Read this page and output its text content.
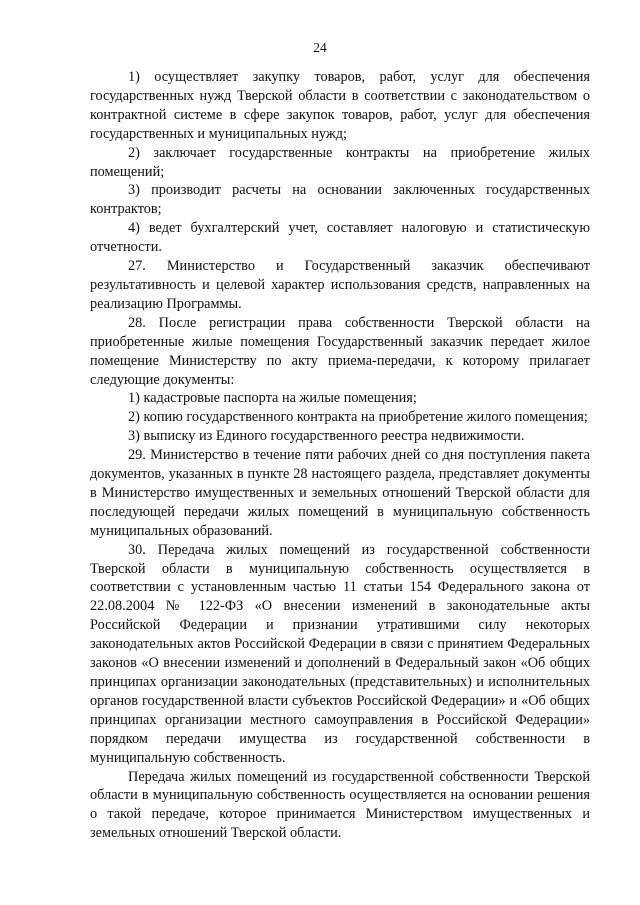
24

1) осуществляет закупку товаров, работ, услуг для обеспечения государственных нужд Тверской области в соответствии с законодательством о контрактной системе в сфере закупок товаров, работ, услуг для обеспечения государственных и муниципальных нужд;

2) заключает государственные контракты на приобретение жилых помещений;

3) производит расчеты на основании заключенных государственных контрактов;

4) ведет бухгалтерский учет, составляет налоговую и статистическую отчетности.

27. Министерство и Государственный заказчик обеспечивают результативность и целевой характер использования средств, направленных на реализацию Программы.

28. После регистрации права собственности Тверской области на приобретенные жилые помещения Государственный заказчик передает жилое помещение Министерству по акту приема-передачи, к которому прилагает следующие документы:

1) кадастровые паспорта на жилые помещения;

2) копию государственного контракта на приобретение жилого помещения;

3) выписку из Единого государственного реестра недвижимости.

29. Министерство в течение пяти рабочих дней со дня поступления пакета документов, указанных в пункте 28 настоящего раздела, представляет документы в Министерство имущественных и земельных отношений Тверской области для последующей передачи жилых помещений в муниципальную собственность муниципальных образований.

30. Передача жилых помещений из государственной собственности Тверской области в муниципальную собственность осуществляется в соответствии с установленным частью 11 статьи 154 Федерального закона от 22.08.2004 № 122-ФЗ «О внесении изменений в законодательные акты Российской Федерации и признании утратившими силу некоторых законодательных актов Российской Федерации в связи с принятием Федеральных законов «О внесении изменений и дополнений в Федеральный закон «Об общих принципах организации законодательных (представительных) и исполнительных органов государственной власти субъектов Российской Федерации» и «Об общих принципах организации местного самоуправления в Российской Федерации» порядком передачи имущества из государственной собственности в муниципальную собственность.

Передача жилых помещений из государственной собственности Тверской области в муниципальную собственность осуществляется на основании решения о такой передаче, которое принимается Министерством имущественных и земельных отношений Тверской области.
